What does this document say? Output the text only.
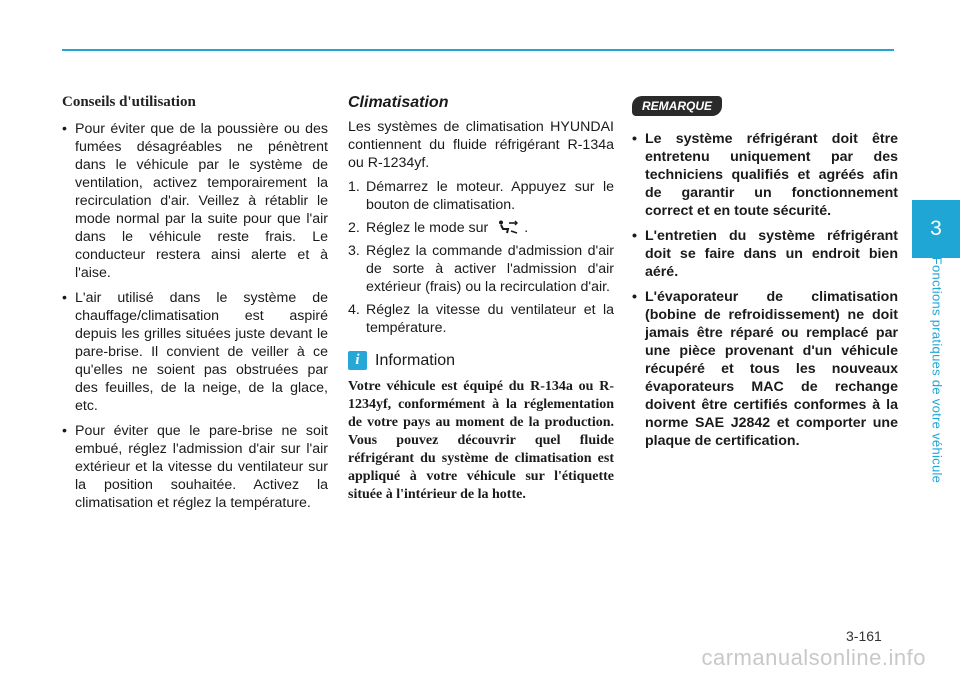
Conseils d'utilisation
• Pour éviter que de la poussière ou des fumées désagréables ne pénètrent dans le véhicule par le système de ventilation, activez temporairement la recirculation d'air. Veillez à rétablir le mode normal par la suite pour que l'air dans le véhicule reste frais. Le conducteur restera ainsi alerte et à l'aise.
• L'air utilisé dans le système de chauffage/climatisation est aspiré depuis les grilles situées juste devant le pare-brise. Il convient de veiller à ce qu'elles ne soient pas obstruées par des feuilles, de la neige, de la glace, etc.
• Pour éviter que le pare-brise ne soit embué, réglez l'admission d'air sur l'air extérieur et la vitesse du ventilateur sur la position souhaitée. Activez la climatisation et réglez la température.
Climatisation

Les systèmes de climatisation HYUNDAI contiennent du fluide réfrigérant R-134a ou R-1234yf.

1. Démarrez le moteur. Appuyez sur le bouton de climatisation.
2. Réglez le mode sur	.
3. Réglez la commande d'admission d'air de sorte à activer l'admission d'air extérieur (frais) ou la recirculation d'air.
4. Réglez la vitesse du ventilateur et la température.
i Information

Votre véhicule est équipé du R-134a ou R-1234yf, conformément à la réglementation de votre pays au moment de la production. Vous pouvez découvrir quel fluide réfrigérant du système de climatisation est appliqué à votre véhicule sur l'étiquette située à l'intérieur de la hotte.

REMARQUE
• Le système réfrigérant doit être entretenu uniquement par des techniciens qualifiés et agréés afin de garantir un fonctionnement correct et en toute sécurité.
• L'entretien du système réfrigérant doit se faire dans un endroit bien aéré.
• L'évaporateur de climatisation (bobine de refroidissement) ne doit jamais être réparé ou remplacé par une pièce provenant d'un véhicule récupéré et tous les nouveaux évaporateurs MAC de rechange doivent être certifiés conformes à la norme SAE J2842 et comporter une plaque de certification.
3
Fonctions pratiques de votre véhicule
3-161
carmanualsonline.info
